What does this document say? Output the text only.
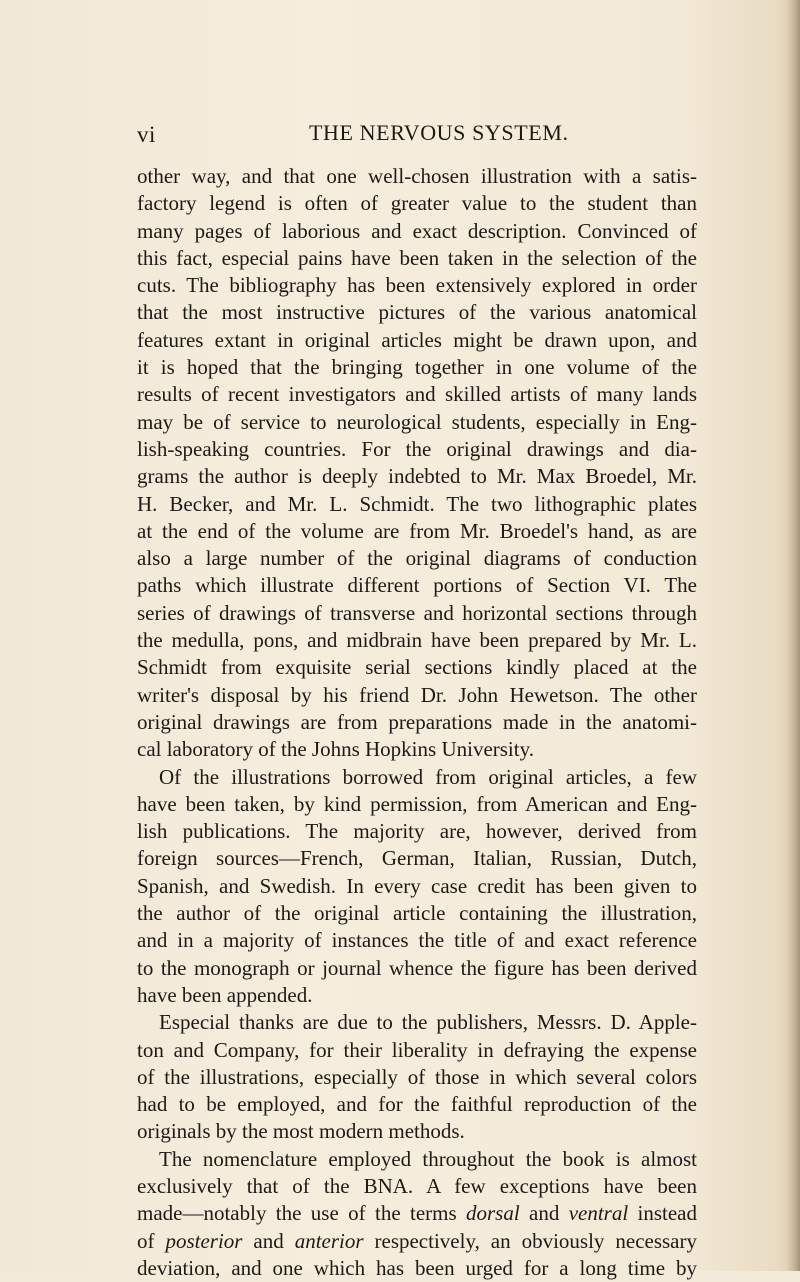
vi	THE NERVOUS SYSTEM.
other way, and that one well-chosen illustration with a satis-
factory legend is often of greater value to the student than
many pages of laborious and exact description. Convinced of
this fact, especial pains have been taken in the selection of the
cuts. The bibliography has been extensively explored in order
that the most instructive pictures of the various anatomical
features extant in original articles might be drawn upon, and
it is hoped that the bringing together in one volume of the
results of recent investigators and skilled artists of many lands
may be of service to neurological students, especially in Eng-
lish-speaking countries. For the original drawings and dia-
grams the author is deeply indebted to Mr. Max Broedel, Mr.
H. Becker, and Mr. L. Schmidt. The two lithographic plates
at the end of the volume are from Mr. Broedel's hand, as are
also a large number of the original diagrams of conduction
paths which illustrate different portions of Section VI. The
series of drawings of transverse and horizontal sections through
the medulla, pons, and midbrain have been prepared by Mr. L.
Schmidt from exquisite serial sections kindly placed at the
writer's disposal by his friend Dr. John Hewetson. The other
original drawings are from preparations made in the anatomi-
cal laboratory of the Johns Hopkins University.
Of the illustrations borrowed from original articles, a few
have been taken, by kind permission, from American and Eng-
lish publications. The majority are, however, derived from
foreign sources—French, German, Italian, Russian, Dutch,
Spanish, and Swedish. In every case credit has been given to
the author of the original article containing the illustration,
and in a majority of instances the title of and exact reference
to the monograph or journal whence the figure has been derived
have been appended.
Especial thanks are due to the publishers, Messrs. D. Apple-
ton and Company, for their liberality in defraying the expense
of the illustrations, especially of those in which several colors
had to be employed, and for the faithful reproduction of the
originals by the most modern methods.
The nomenclature employed throughout the book is almost
exclusively that of the BNA. A few exceptions have been
made—notably the use of the terms dorsal and ventral instead
of posterior and anterior respectively, an obviously necessary
deviation, and one which has been urged for a long time by
